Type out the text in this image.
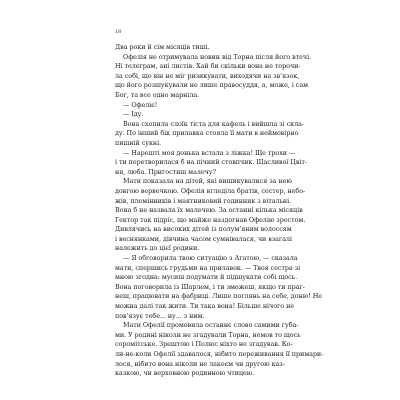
18
Два роки й сім місяців тиші.
Офелія не отримувала новин від Торна після його втечі.
Ні телеграм, ані листів. Хай би скільки вона не торочи-
ла собі, що він не міг ризикувати, виходячи на зв’язок,
що його розшукували не лише правосуддя, а, може, і сам
Бог, та все одно марніла.
— Офеліє!
— Іду.
Вона схопила слоїк тіста для кафель і вийшла зі скла-
ду. По інший бік прилавка стояла її мати в неймовірно
пишній сукні.
— Нарешті моя донька встала з ліжка! Ще трохи —
і ти перетворилася б на пічний стовпчик. Щасливої Цвіт-
ня, люба. Пригостиш малечу?
Мати показала на дітей, які вишикувалися за нею
довгою вервечкою. Офелія вгледіла братів, сестер, небо-
жів, племінників і маятниковий годинник з вітальні.
Вона б не назвала їх малечею. За останні кілька місяців
Гектор так підріс, що майже наздогнав Офелію зростом.
Дивлячись на високих дітей із полум’яним волоссям
і веснянками, дівчина часом сумнівалася, чи взагалі
належить до цієї родини.
— Я обговорила твою ситуацію з Агатою, — сказала
мати, спершись грудьми на прилавок. — Твоя сестра зі
мною згодна: мусиш подумати й підшукати собі щось.
Вона поговорила із Шарлем, і ти зможеш, якщо ти праг-
неш, працювати на фабриці. Лише поглянь на себе, доню! Не
можна далі так жити. Ти така вона! Більше нічого не
пов’язує тебе... ну... з ним.
Мати Офелії промовила останнє слово самими губа-
ми. У родині ніколи не згадували Торна, немов то щось
соромітське. Зрештою і Полюс ніхто не згадував. Ко-
ли-не-коли Офелії здавалося, нібито переживання її примари-
лося, нібито вона ніколи не лакеєм чи другою каз-
казкою, чи верховною родинною чтицею.
